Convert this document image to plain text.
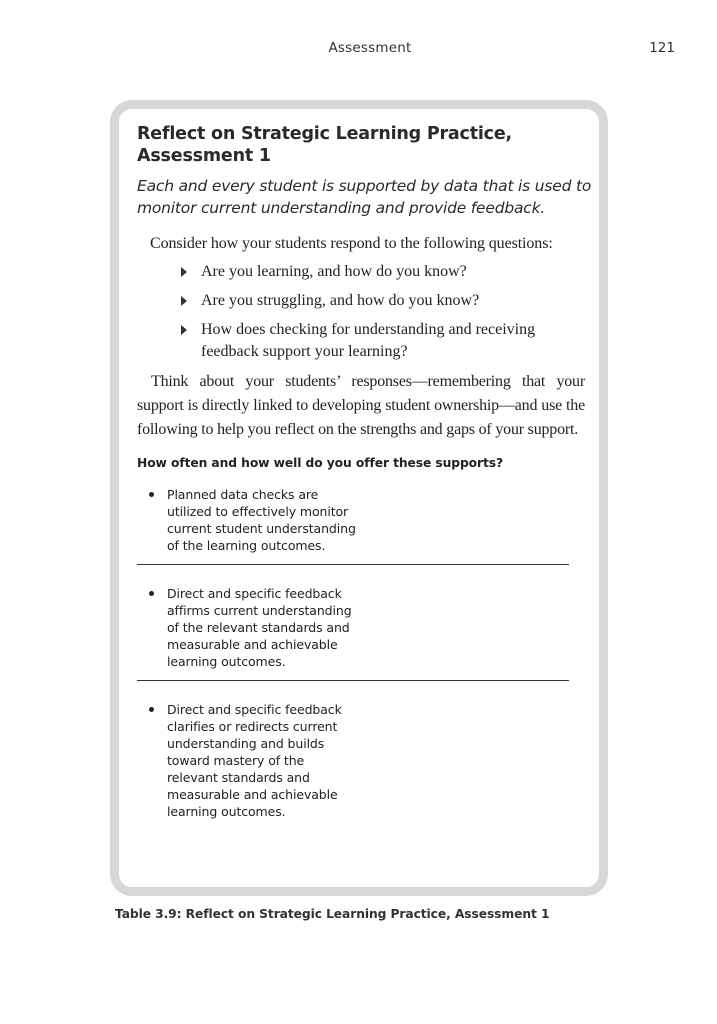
Assessment	121
Reflect on Strategic Learning Practice,
Assessment 1

Each and every student is supported by data that is used to monitor current understanding and provide feedback.

Consider how your students respond to the following questions:

Are you learning, and how do you know?
Are you struggling, and how do you know?
How does checking for understanding and receiving feedback support your learning?

Think about your students’ responses—remembering that your support is directly linked to developing student ownership—and use the following to help you reflect on the strengths and gaps of your support.

How often and how well do you offer these supports?
Planned data checks are utilized to effectively monitor current student understanding of the learning outcomes.
Direct and specific feedback affirms current understanding of the relevant standards and measurable and achievable learning outcomes.
Direct and specific feedback clarifies or redirects current understanding and builds toward mastery of the relevant standards and measurable and achievable learning outcomes.

Table 3.9: Reflect on Strategic Learning Practice, Assessment 1
